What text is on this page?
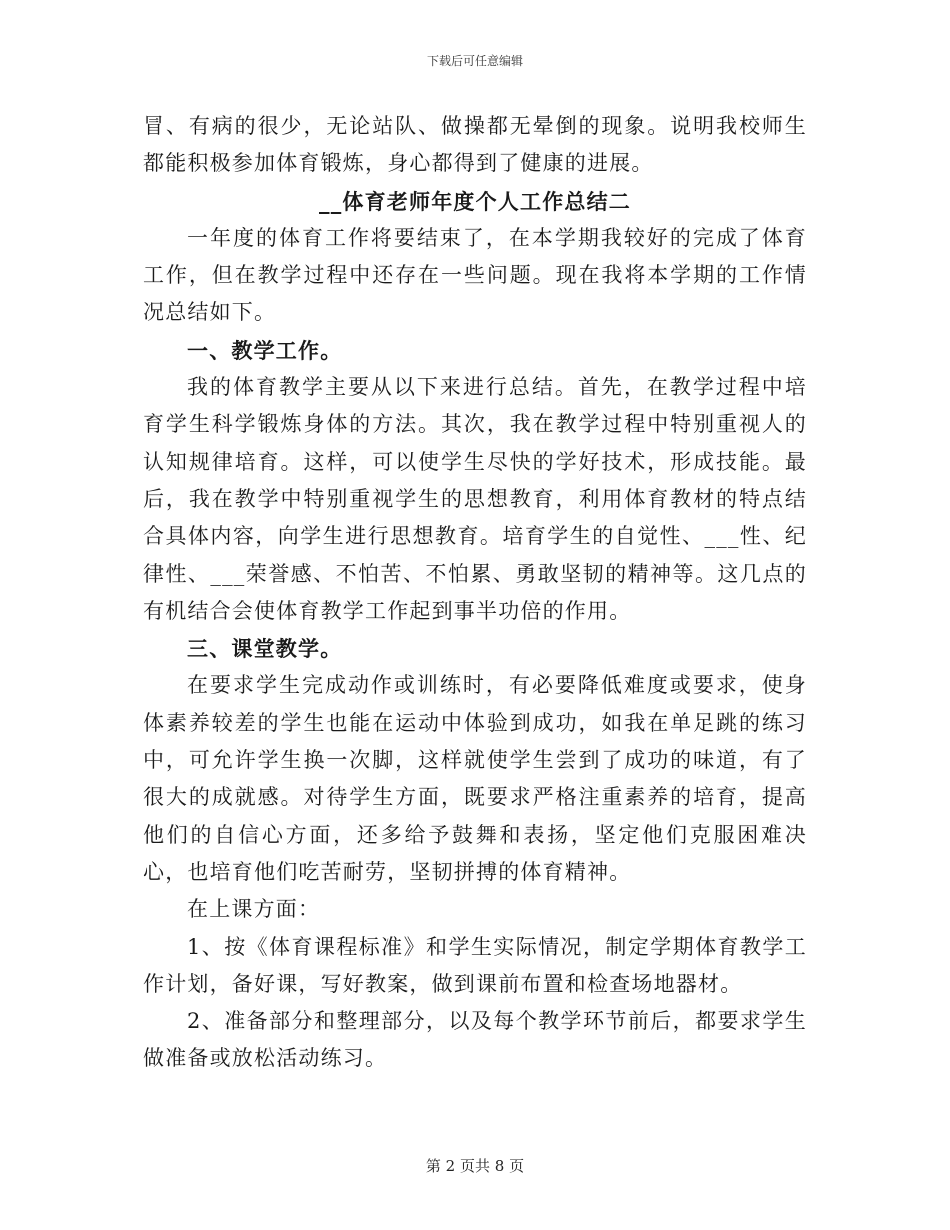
下载后可任意编辑

冒、有病的很少，无论站队、做操都无晕倒的现象。说明我校师生都能积极参加体育锻炼，身心都得到了健康的进展。

__体育老师年度个人工作总结二

一年度的体育工作将要结束了，在本学期我较好的完成了体育工作，但在教学过程中还存在一些问题。现在我将本学期的工作情况总结如下。

一、教学工作。

我的体育教学主要从以下来进行总结。首先，在教学过程中培育学生科学锻炼身体的方法。其次，我在教学过程中特别重视人的认知规律培育。这样，可以使学生尽快的学好技术，形成技能。最后，我在教学中特别重视学生的思想教育，利用体育教材的特点结合具体内容，向学生进行思想教育。培育学生的自觉性、___性、纪律性、___荣誉感、不怕苦、不怕累、勇敢坚韧的精神等。这几点的有机结合会使体育教学工作起到事半功倍的作用。

三、课堂教学。

在要求学生完成动作或训练时，有必要降低难度或要求，使身体素养较差的学生也能在运动中体验到成功，如我在单足跳的练习中，可允许学生换一次脚，这样就使学生尝到了成功的味道，有了很大的成就感。对待学生方面，既要求严格注重素养的培育，提高他们的自信心方面，还多给予鼓舞和表扬，坚定他们克服困难决心，也培育他们吃苦耐劳，坚韧拼搏的体育精神。

在上课方面：

1、按《体育课程标准》和学生实际情况，制定学期体育教学工作计划，备好课，写好教案，做到课前布置和检查场地器材。

2、准备部分和整理部分，以及每个教学环节前后，都要求学生做准备或放松活动练习。

第 2 页共 8 页
